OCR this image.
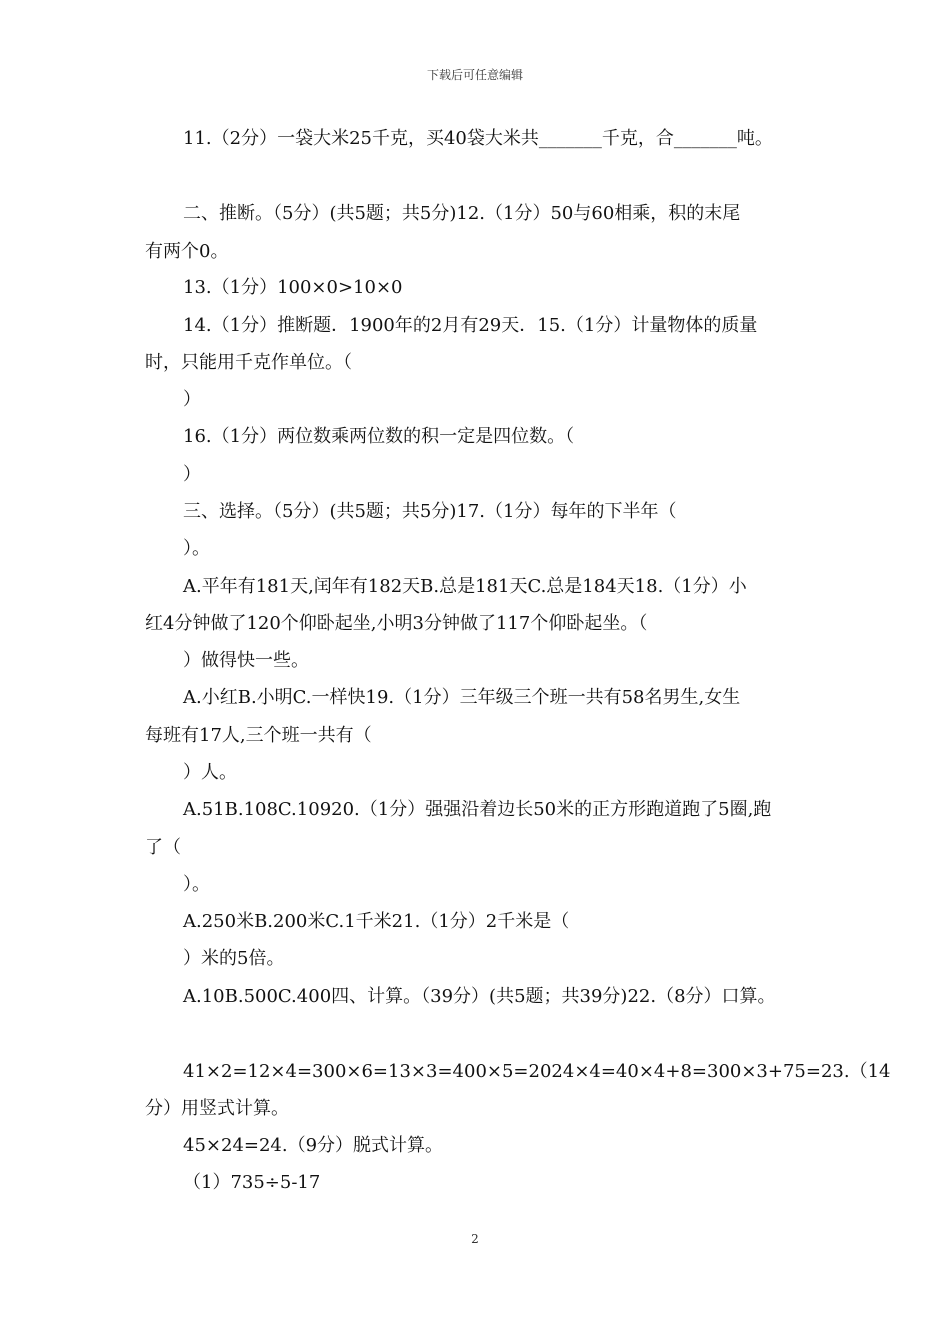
下载后可任意编辑
11.（2分）一袋大米25千克，买40袋大米共_______千克，合_______吨。
二、推断。（5分）(共5题；共5分)12.（1分）50与60相乘，积的末尾
有两个0。
13.（1分）100×0>10×0
14.（1分）推断题．1900年的2月有29天．15.（1分）计量物体的质量
时，只能用千克作单位。（
）
16.（1分）两位数乘两位数的积一定是四位数。（
）
三、选择。（5分）(共5题；共5分)17.（1分）每年的下半年（
）。
A.平年有181天,闰年有182天B.总是181天C.总是184天18.（1分）小
红4分钟做了120个仰卧起坐,小明3分钟做了117个仰卧起坐。（
）做得快一些。
A.小红B.小明C.一样快19.（1分）三年级三个班一共有58名男生,女生
每班有17人,三个班一共有（
）人。
A.51B.108C.10920.（1分）强强沿着边长50米的正方形跑道跑了5圈,跑
了（
）。
A.250米B.200米C.1千米21.（1分）2千米是（
）米的5倍。
A.10B.500C.400四、计算。（39分）(共5题；共39分)22.（8分）口算。
41×2=12×4=300×6=13×3=400×5=2024×4=40×4+8=300×3+75=23.（14
分）用竖式计算。
45×24=24.（9分）脱式计算。
（1）735÷5-17
2
